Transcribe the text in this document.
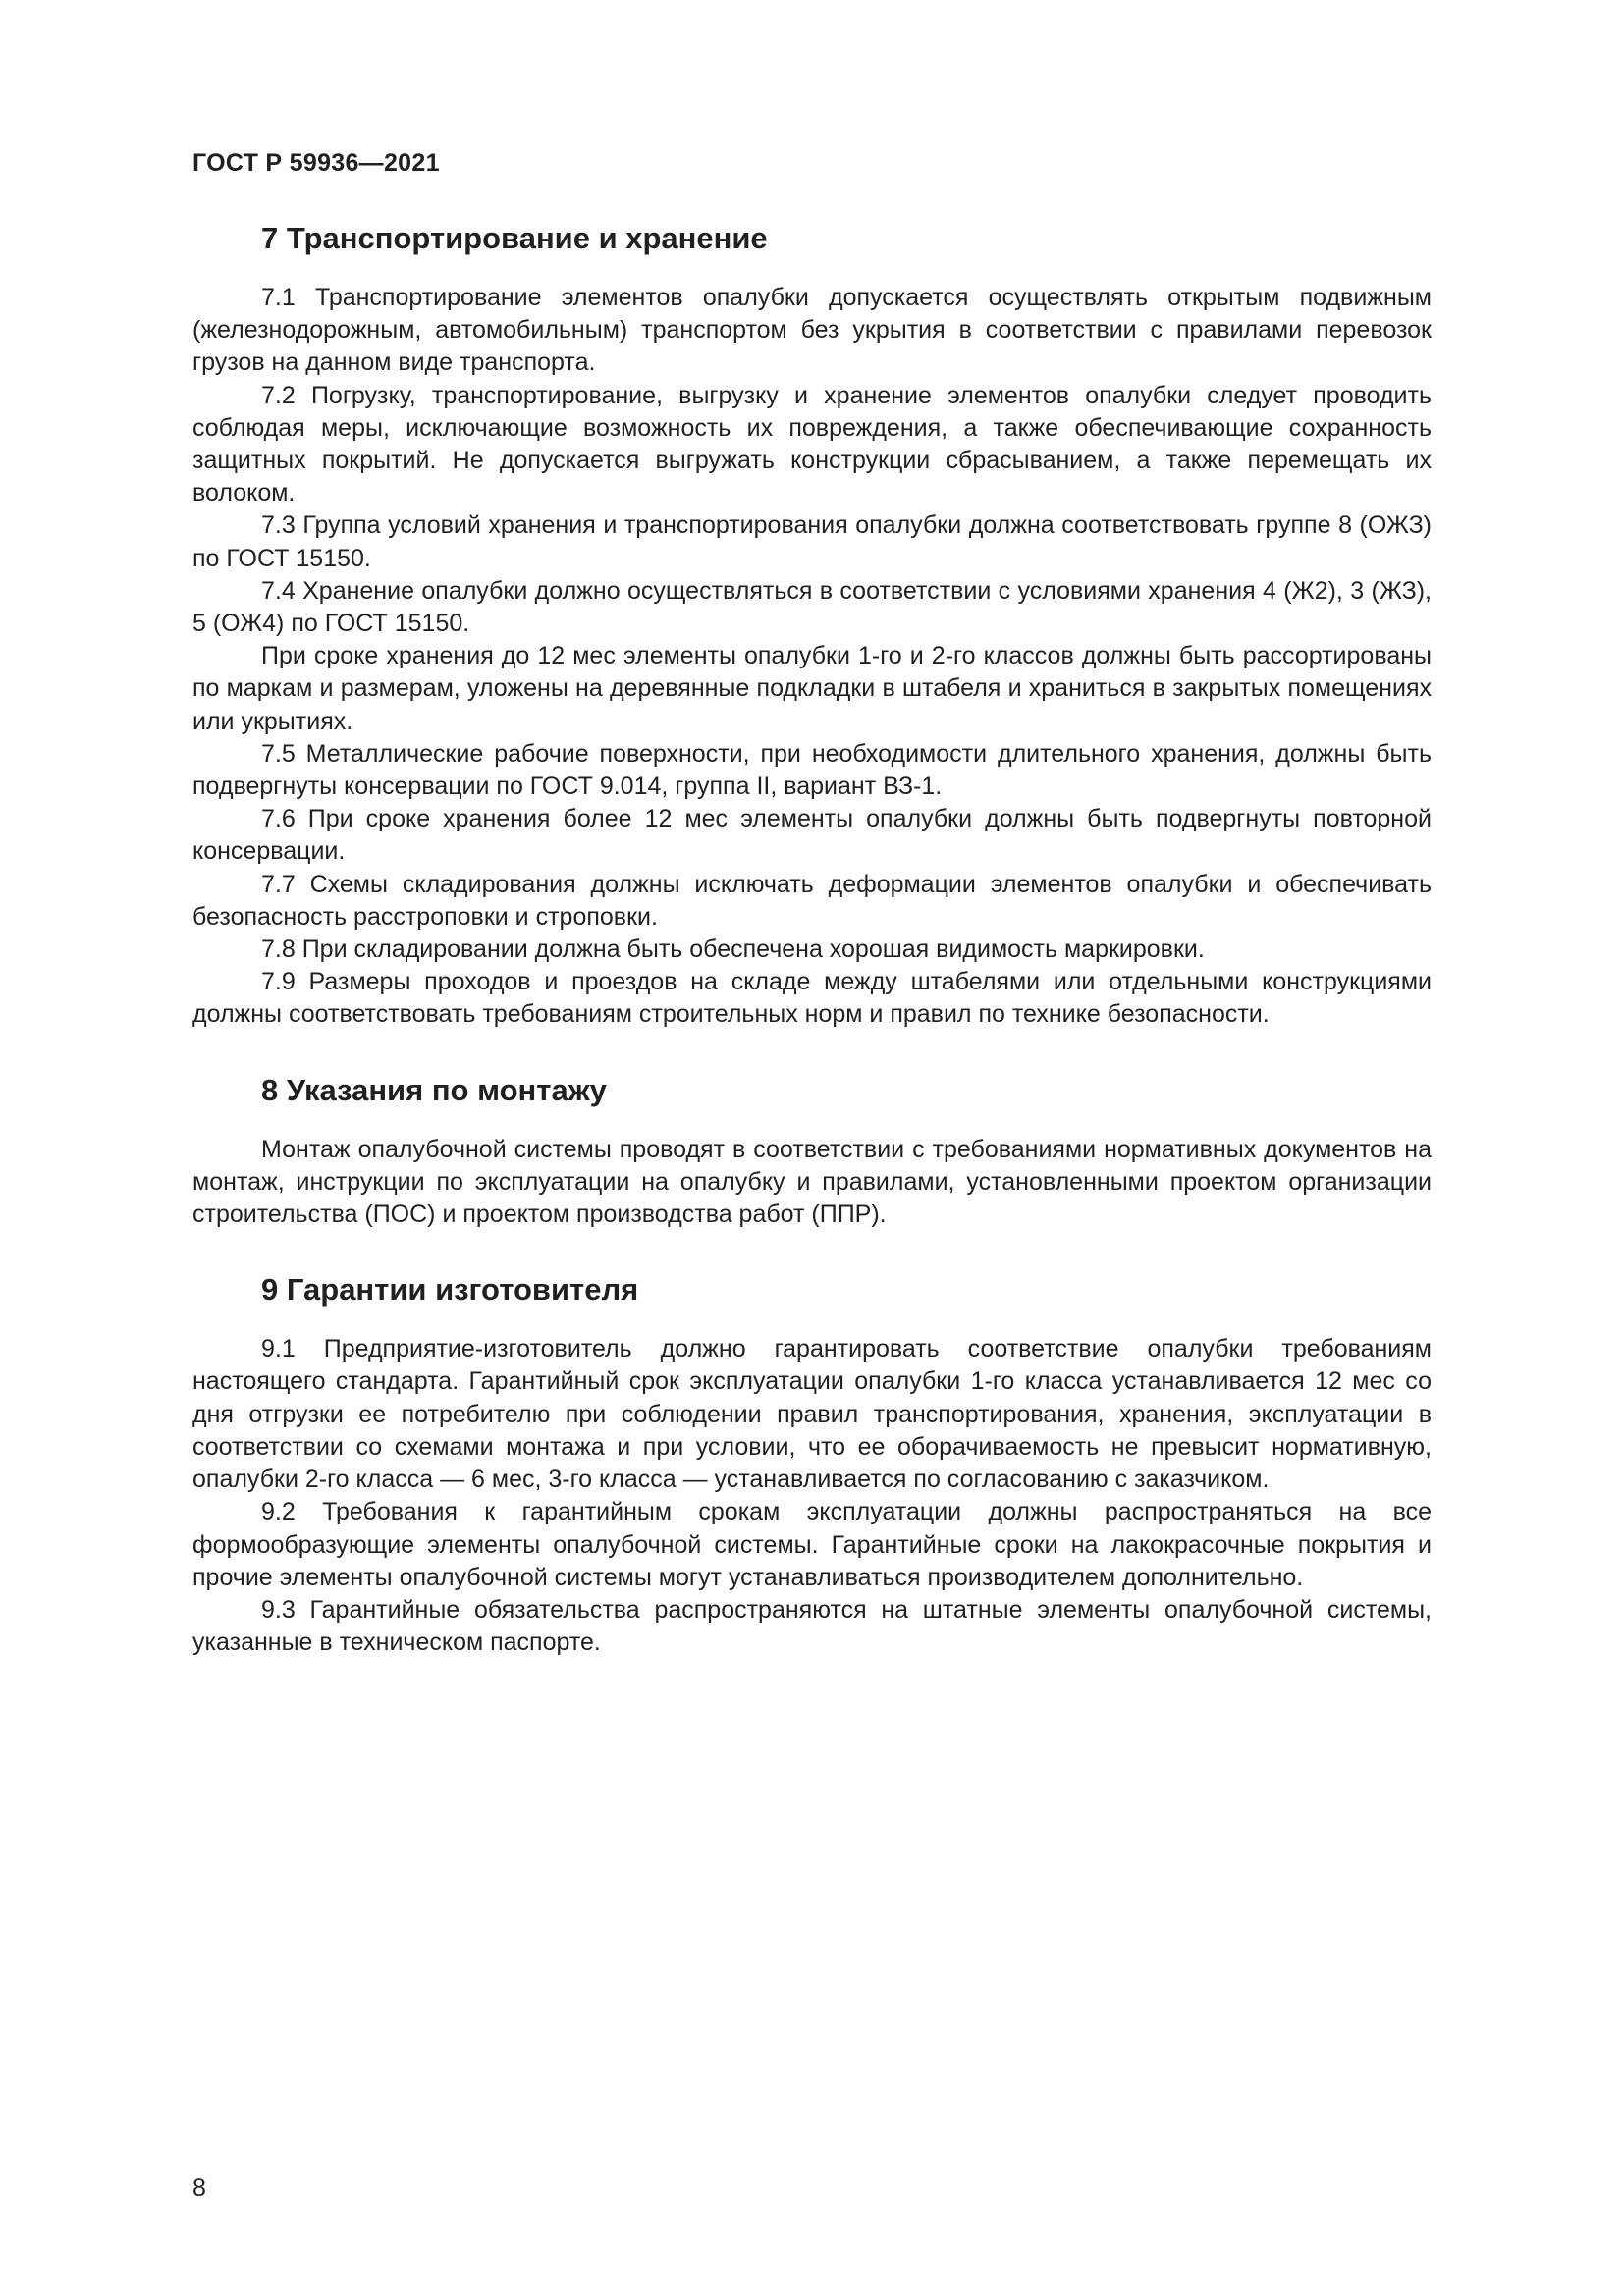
ГОСТ Р 59936—2021
7 Транспортирование и хранение

7.1 Транспортирование элементов опалубки допускается осуществлять открытым подвижным (железнодорожным, автомобильным) транспортом без укрытия в соответствии с правилами перевозок грузов на данном виде транспорта.

7.2 Погрузку, транспортирование, выгрузку и хранение элементов опалубки следует проводить соблюдая меры, исключающие возможность их повреждения, а также обеспечивающие сохранность защитных покрытий. Не допускается выгружать конструкции сбрасыванием, а также перемещать их волоком.

7.3 Группа условий хранения и транспортирования опалубки должна соответствовать группе 8 (ОЖЗ) по ГОСТ 15150.

7.4 Хранение опалубки должно осуществляться в соответствии с условиями хранения 4 (Ж2), 3 (ЖЗ), 5 (ОЖ4) по ГОСТ 15150.

При сроке хранения до 12 мес элементы опалубки 1-го и 2-го классов должны быть рассортированы по маркам и размерам, уложены на деревянные подкладки в штабеля и храниться в закрытых помещениях или укрытиях.

7.5 Металлические рабочие поверхности, при необходимости длительного хранения, должны быть подвергнуты консервации по ГОСТ 9.014, группа II, вариант ВЗ-1.

7.6 При сроке хранения более 12 мес элементы опалубки должны быть подвергнуты повторной консервации.

7.7 Схемы складирования должны исключать деформации элементов опалубки и обеспечивать безопасность расстроповки и строповки.

7.8 При складировании должна быть обеспечена хорошая видимость маркировки.

7.9 Размеры проходов и проездов на складе между штабелями или отдельными конструкциями должны соответствовать требованиям строительных норм и правил по технике безопасности.

8 Указания по монтажу

Монтаж опалубочной системы проводят в соответствии с требованиями нормативных документов на монтаж, инструкции по эксплуатации на опалубку и правилами, установленными проектом организации строительства (ПОС) и проектом производства работ (ППР).

9 Гарантии изготовителя

9.1 Предприятие-изготовитель должно гарантировать соответствие опалубки требованиям настоящего стандарта. Гарантийный срок эксплуатации опалубки 1-го класса устанавливается 12 мес со дня отгрузки ее потребителю при соблюдении правил транспортирования, хранения, эксплуатации в соответствии со схемами монтажа и при условии, что ее оборачиваемость не превысит нормативную, опалубки 2-го класса — 6 мес, 3-го класса — устанавливается по согласованию с заказчиком.

9.2 Требования к гарантийным срокам эксплуатации должны распространяться на все формообразующие элементы опалубочной системы. Гарантийные сроки на лакокрасочные покрытия и прочие элементы опалубочной системы могут устанавливаться производителем дополнительно.

9.3 Гарантийные обязательства распространяются на штатные элементы опалубочной системы, указанные в техническом паспорте.

8
